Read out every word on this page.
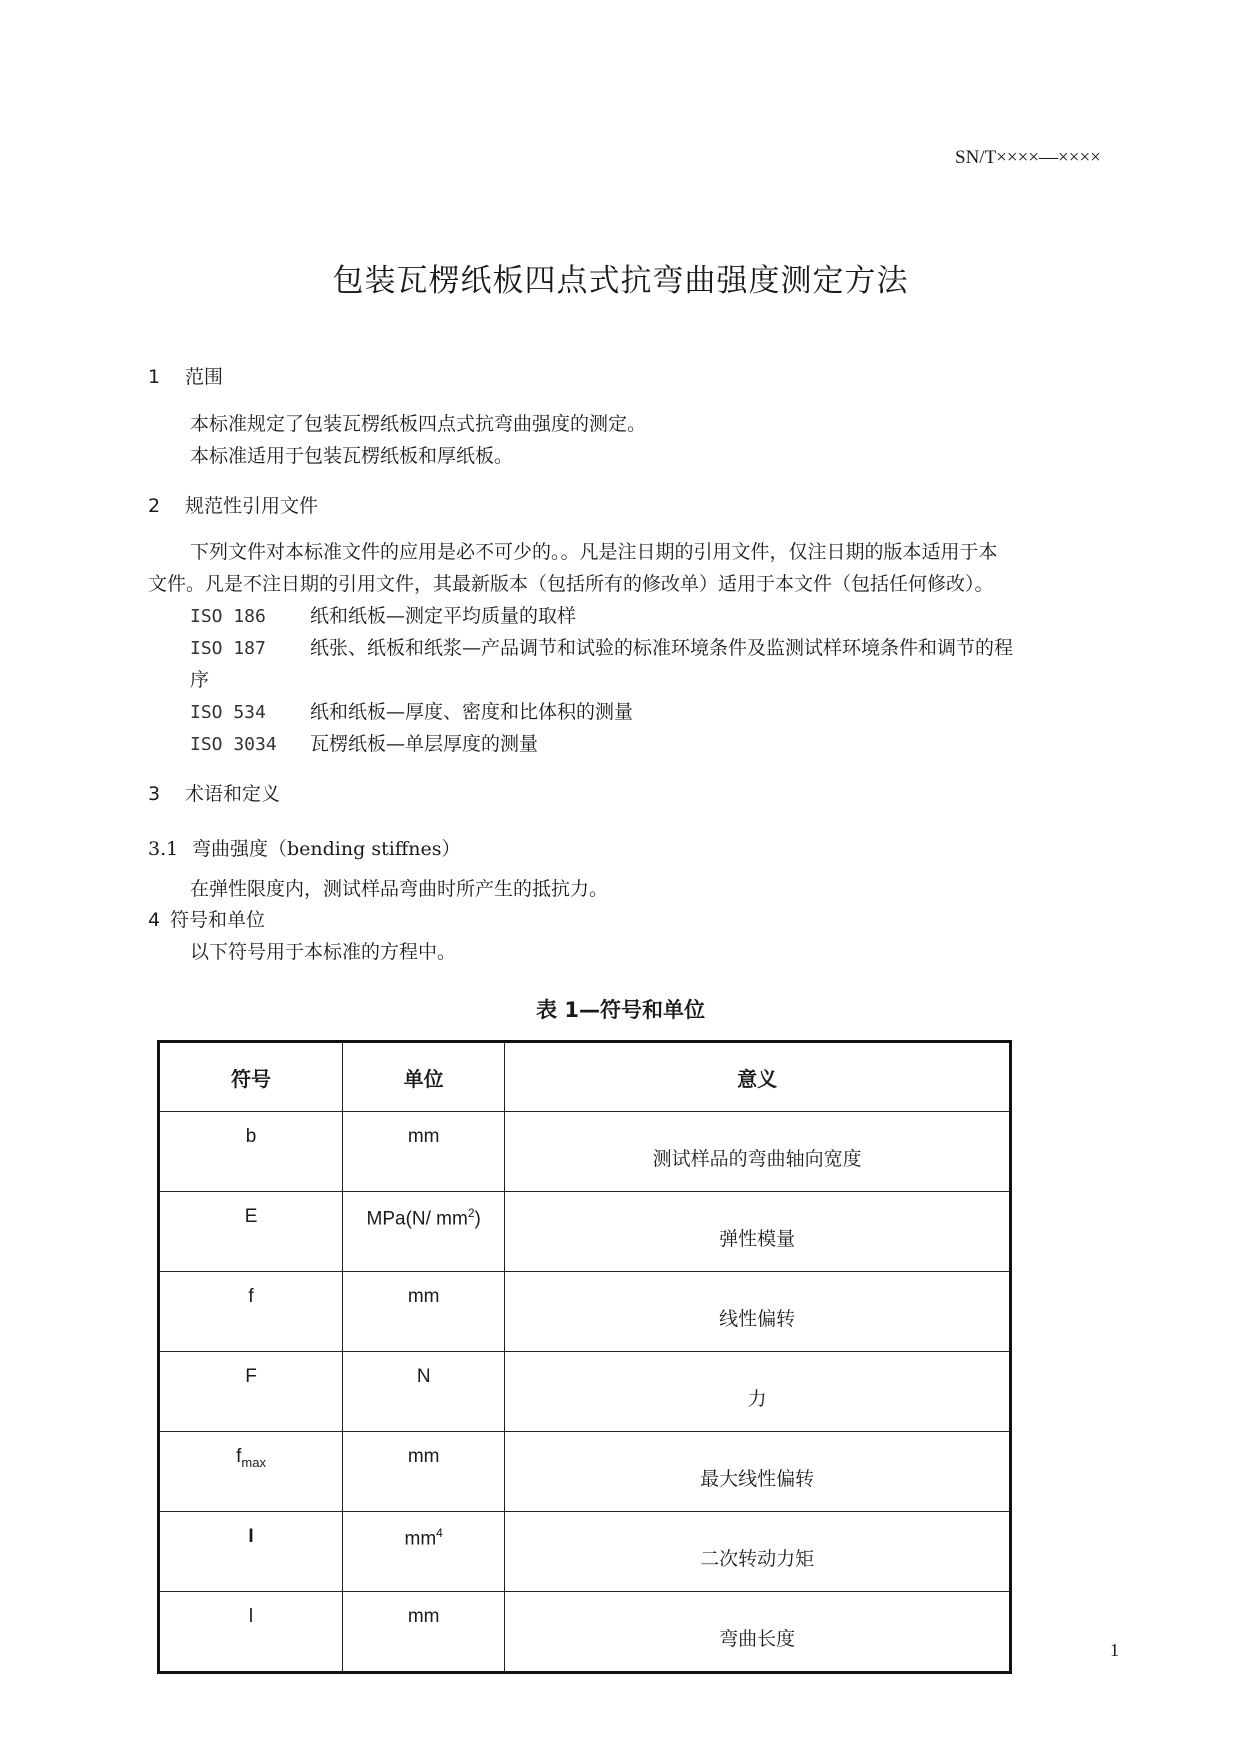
SN/T××××—××××
包装瓦楞纸板四点式抗弯曲强度测定方法
1 范围
本标准规定了包装瓦楞纸板四点式抗弯曲强度的测定。
本标准适用于包装瓦楞纸板和厚纸板。
2 规范性引用文件
下列文件对本标准文件的应用是必不可少的。。凡是注日期的引用文件，仅注日期的版本适用于本
文件。凡是不注日期的引用文件，其最新版本（包括所有的修改单）适用于本文件（包括任何修改）。
ISO 186 纸和纸板—测定平均质量的取样
ISO 187 纸张、纸板和纸浆—产品调节和试验的标准环境条件及监测试样环境条件和调节的程
序
ISO 534 纸和纸板—厚度、密度和比体积的测量
ISO 3034 瓦楞纸板—单层厚度的测量
3 术语和定义
3.1 弯曲强度（bending stiffnes）
在弹性限度内，测试样品弯曲时所产生的抵抗力。
4 符号和单位
以下符号用于本标准的方程中。
表 1—符号和单位
符号	单位	意义
b	mm	测试样品的弯曲轴向宽度
E	MPa(N/ $mm^2$)	弹性模量
f	mm	线性偏转
F	N	力
$f_{max}$	mm	最大线性偏转
I	$mm^4$	二次转动力矩
l	mm	弯曲长度
1
